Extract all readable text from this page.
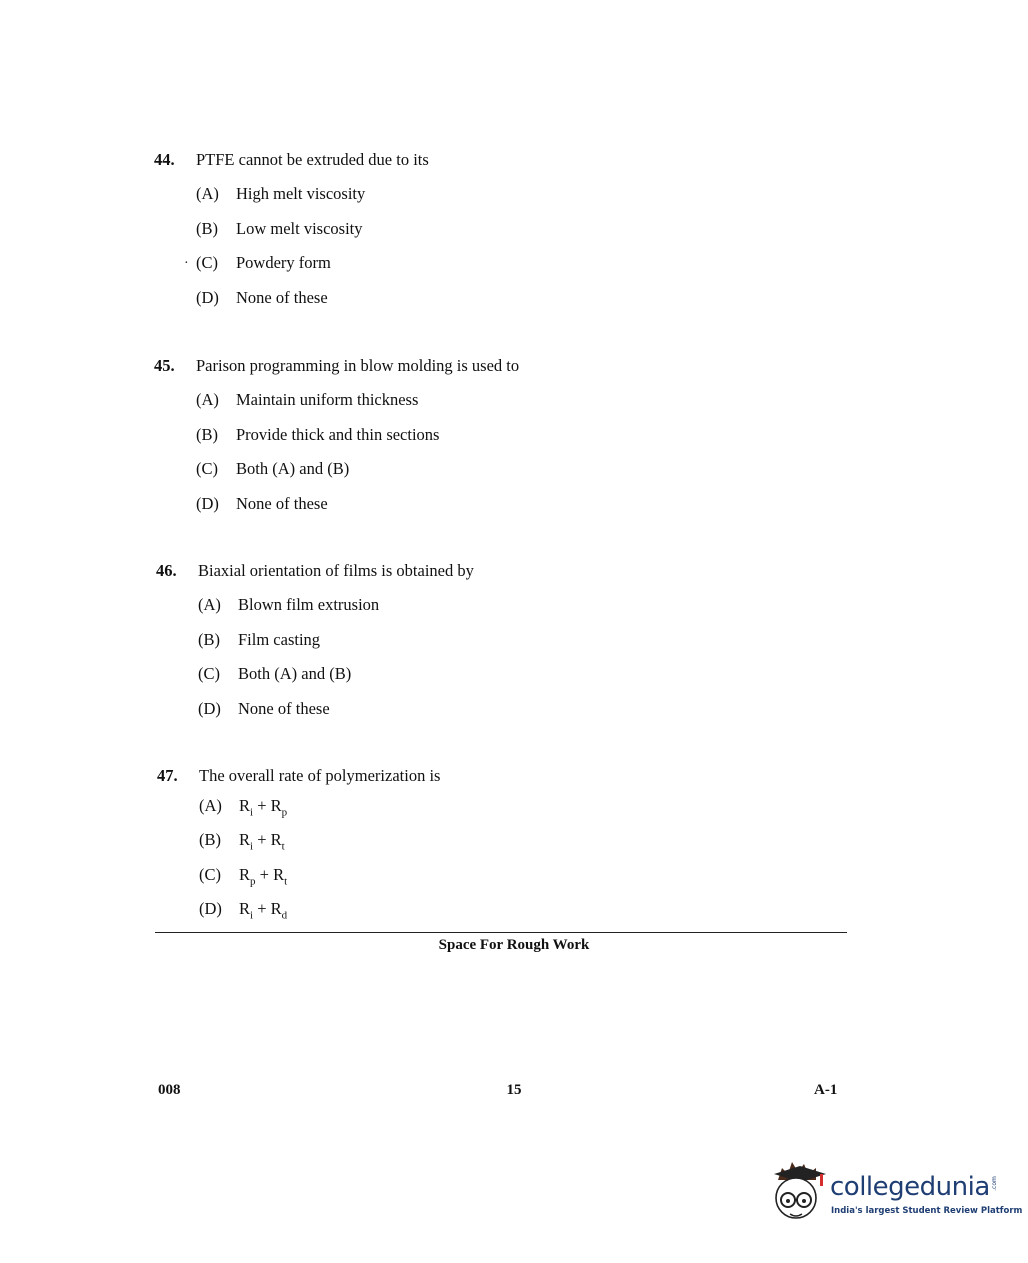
44.	PTFE cannot be extruded due to its
(A)	High melt viscosity
(B)	Low melt viscosity
(C)	Powdery form
(D)	None of these
·
45.	Parison programming in blow molding is used to
(A)	Maintain uniform thickness
(B)	Provide thick and thin sections
(C)	Both (A) and (B)
(D)	None of these
46.	Biaxial orientation of films is obtained by
(A)	Blown film extrusion
(B)	Film casting
(C)	Both (A) and (B)
(D)	None of these
47.	The overall rate of polymerization is
(A)	$R_i + R_p$
(B)	$R_i + R_t$
(C)	$R_p + R_t$
(D)	$R_i + R_d$
Space For Rough Work
008	15	A-1
collegedunia .com
India's largest Student Review Platform
